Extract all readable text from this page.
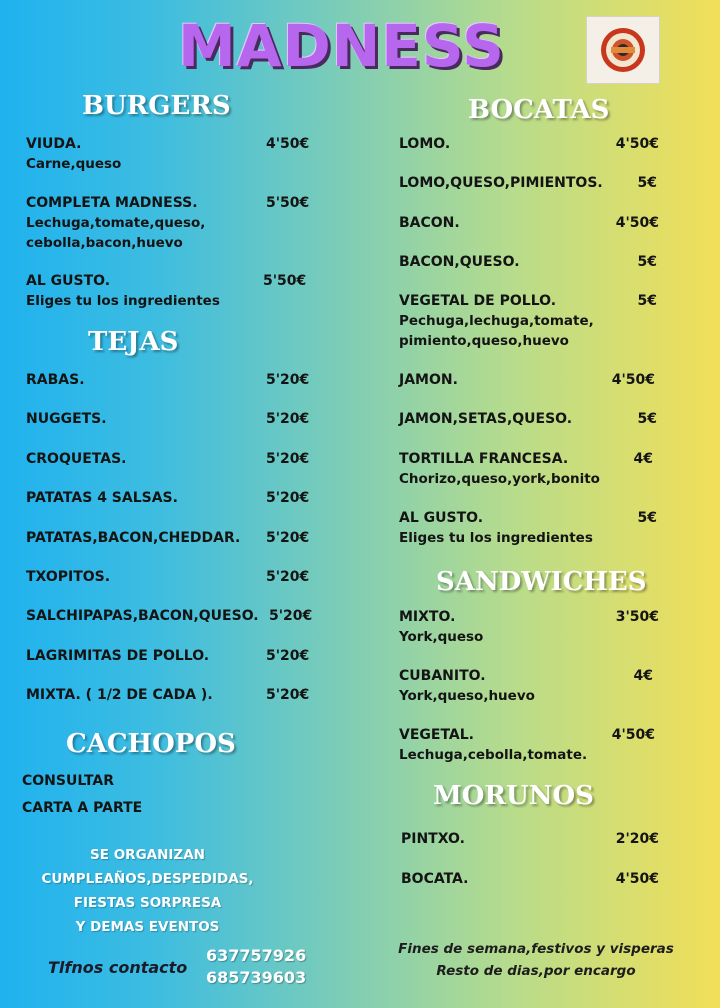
MADNESS
BURGERS
VIUDA.	4'50€
Carne,queso
COMPLETA MADNESS.	5'50€
Lechuga,tomate,queso,
cebolla,bacon,huevo
AL GUSTO.	5'50€
Eliges tu los ingredientes
TEJAS
RABAS.	5'20€
NUGGETS.	5'20€
CROQUETAS.	5'20€
PATATAS 4 SALSAS.	5'20€
PATATAS,BACON,CHEDDAR.	5'20€
TXOPITOS.	5'20€
SALCHIPAPAS,BACON,QUESO. 5'20€
LAGRIMITAS DE POLLO.	5'20€
MIXTA. ( 1/2 DE CADA ).	5'20€
CACHOPOS
CONSULTAR
CARTA A PARTE
SE ORGANIZAN
CUMPLEAÑOS,DESPEDIDAS,
FIESTAS SORPRESA
Y DEMAS EVENTOS
Tlfnos contacto
637757926
685739603
BOCATAS
LOMO.	4'50€
LOMO,QUESO,PIMIENTOS.	5€
BACON.	4'50€
BACON,QUESO.	5€
VEGETAL DE POLLO.	5€
Pechuga,lechuga,tomate,
pimiento,queso,huevo
JAMON.	4'50€
JAMON,SETAS,QUESO.	5€
TORTILLA FRANCESA.	4€
Chorizo,queso,york,bonito
AL GUSTO.	5€
Eliges tu los ingredientes
SANDWICHES
MIXTO.	3'50€
York,queso
CUBANITO.	4€
York,queso,huevo
VEGETAL.	4'50€
Lechuga,cebolla,tomate.
MORUNOS
PINTXO.	2'20€
BOCATA.	4'50€
Fines de semana,festivos y visperas
Resto de dias,por encargo
